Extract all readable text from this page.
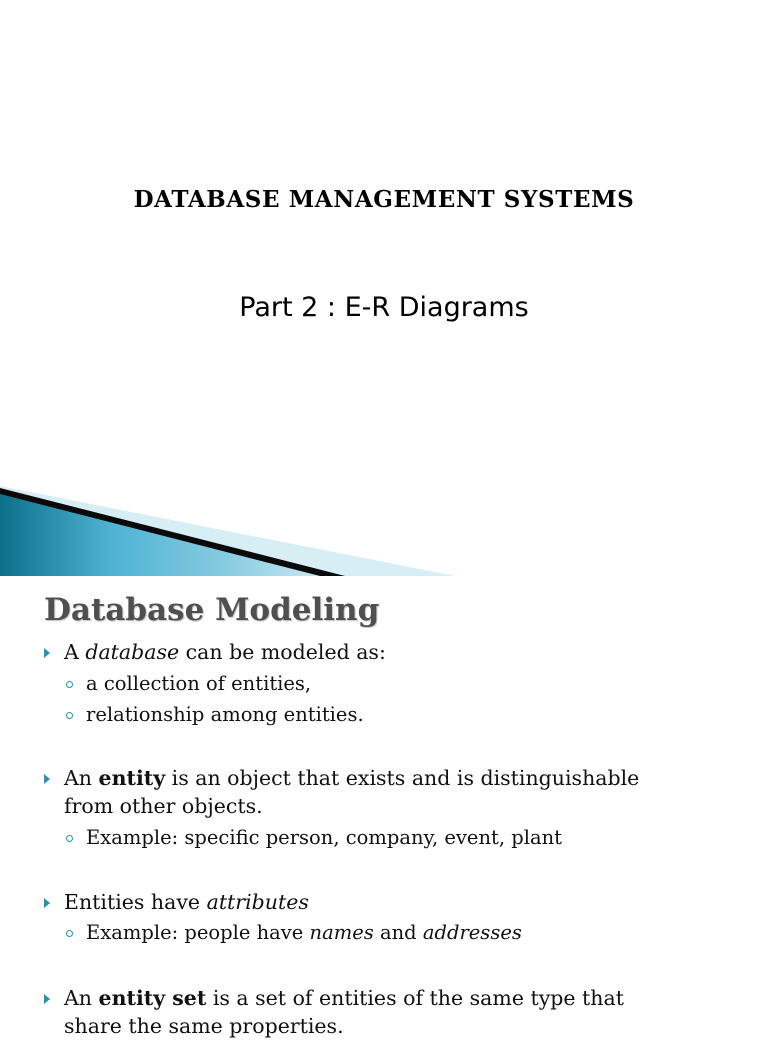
DATABASE MANAGEMENT SYSTEMS
Part 2 : E-R Diagrams
Database Modeling
A database can be modeled as:
a collection of entities,
relationship among entities.
An entity is an object that exists and is distinguishable
from other objects.
Example: specific person, company, event, plant
Entities have attributes
Example: people have names and addresses
An entity set is a set of entities of the same type that
share the same properties.
